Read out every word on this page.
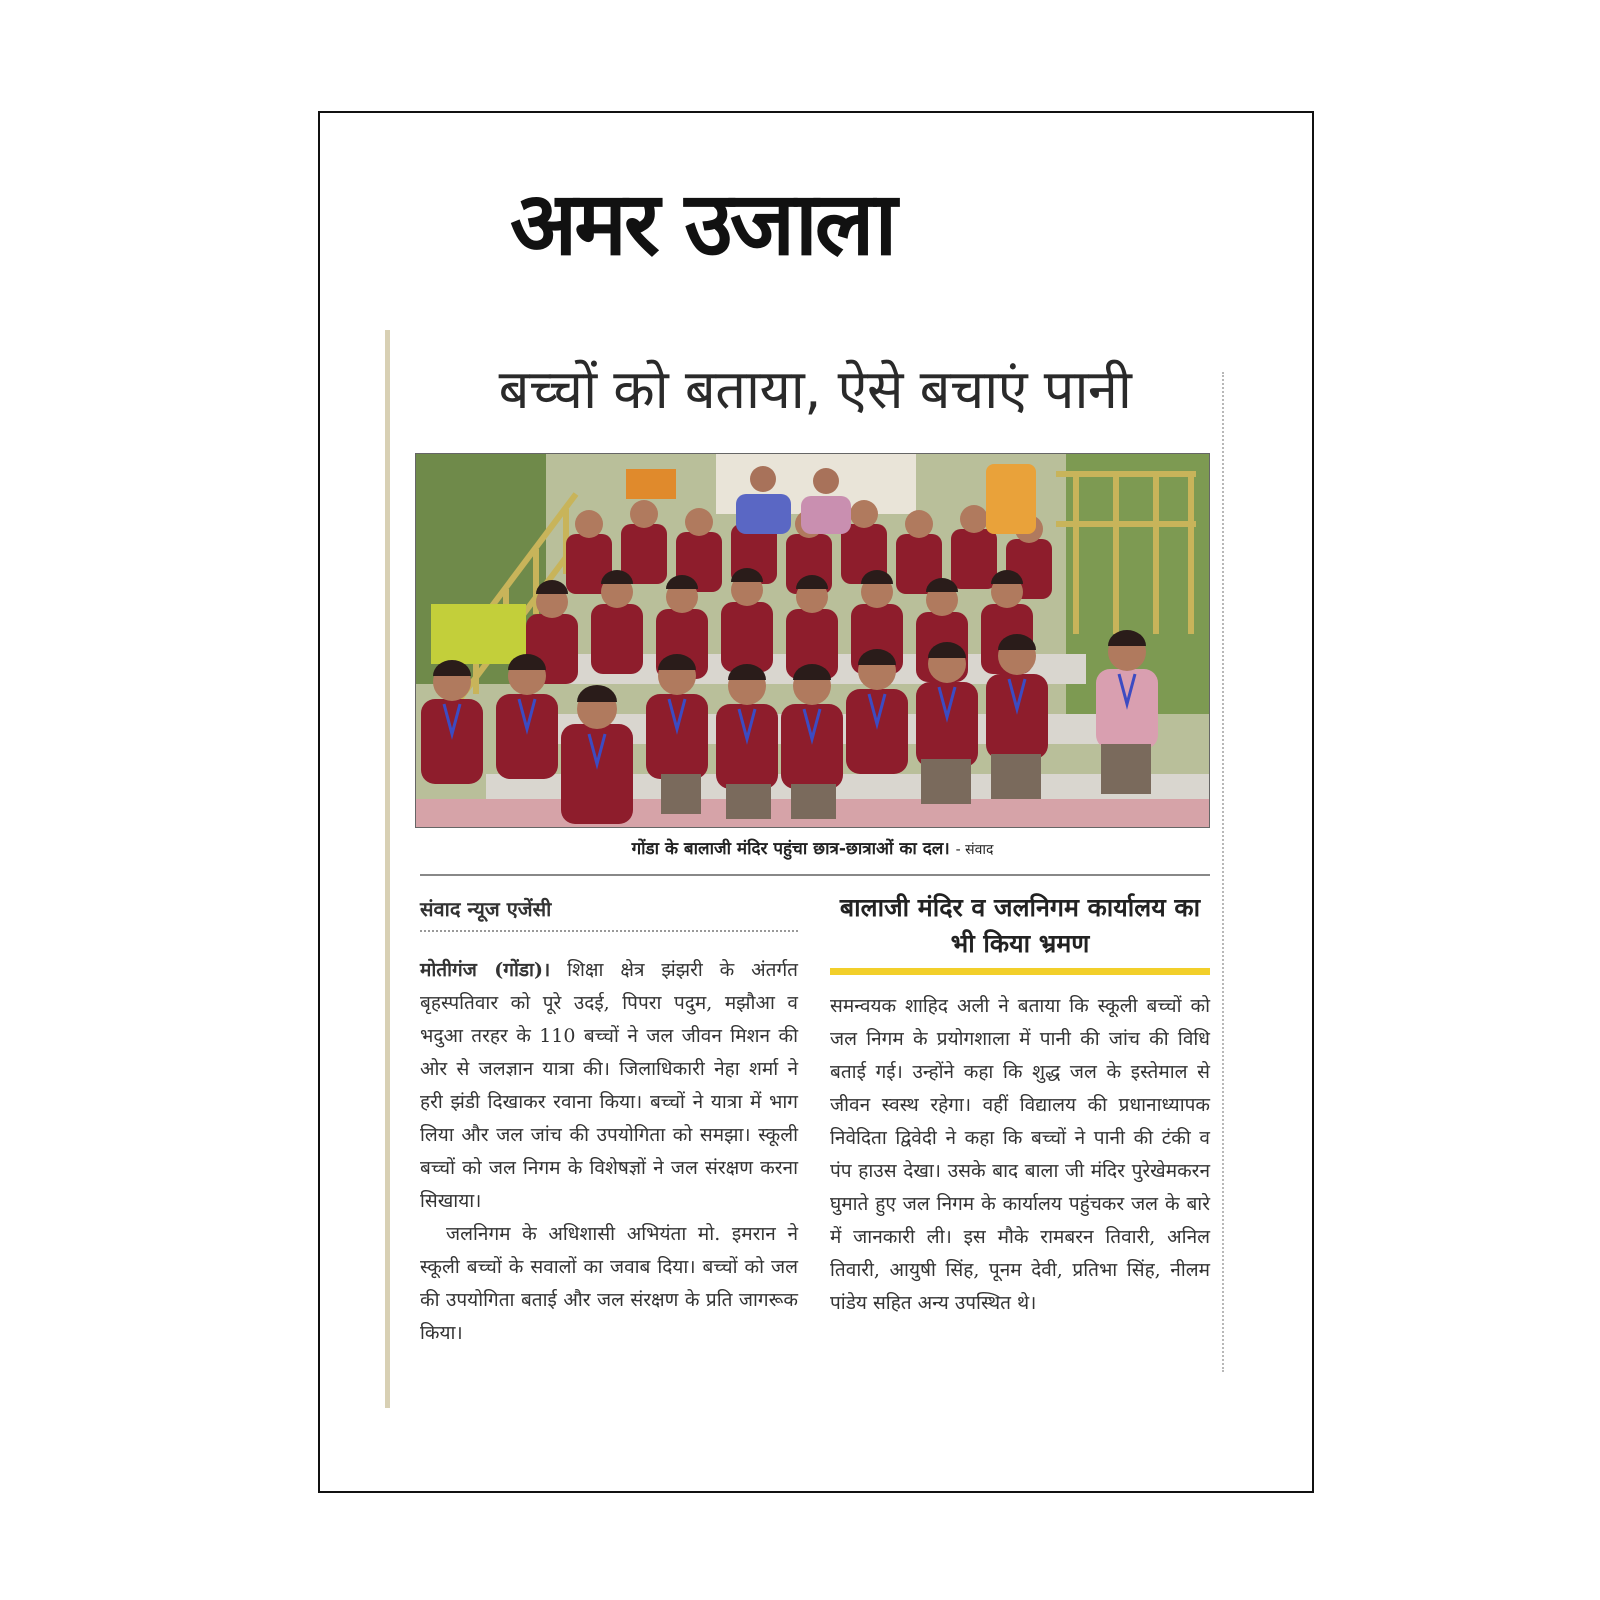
अमर उजाला
बच्चों को बताया, ऐसे बचाएं पानी
गोंडा के बालाजी मंदिर पहुंचा छात्र-छात्राओं का दल। - संवाद
संवाद न्यूज एजेंसी

मोतीगंज (गोंडा)। शिक्षा क्षेत्र झंझरी के अंतर्गत बृहस्पतिवार को पूरे उदई, पिपरा पदुम, मझौआ व भदुआ तरहर के 110 बच्चों ने जल जीवन मिशन की ओर से जलज्ञान यात्रा की। जिलाधिकारी नेहा शर्मा ने हरी झंडी दिखाकर रवाना किया। बच्चों ने यात्रा में भाग लिया और जल जांच की उपयोगिता को समझा। स्कूली बच्चों को जल निगम के विशेषज्ञों ने जल संरक्षण करना सिखाया।

जलनिगम के अधिशासी अभियंता मो. इमरान ने स्कूली बच्चों के सवालों का जवाब दिया। बच्चों को जल की उपयोगिता बताई और जल संरक्षण के प्रति जागरूक किया।

बालाजी मंदिर व जलनिगम कार्यालय का भी किया भ्रमण

समन्वयक शाहिद अली ने बताया कि स्कूली बच्चों को जल निगम के प्रयोगशाला में पानी की जांच की विधि बताई गई। उन्होंने कहा कि शुद्ध जल के इस्तेमाल से जीवन स्वस्थ रहेगा। वहीं विद्यालय की प्रधानाध्यापक निवेदिता द्विवेदी ने कहा कि बच्चों ने पानी की टंकी व पंप हाउस देखा। उसके बाद बाला जी मंदिर पुरेखेमकरन घुमाते हुए जल निगम के कार्यालय पहुंचकर जल के बारे में जानकारी ली। इस मौके रामबरन तिवारी, अनिल तिवारी, आयुषी सिंह, पूनम देवी, प्रतिभा सिंह, नीलम पांडेय सहित अन्य उपस्थित थे।
